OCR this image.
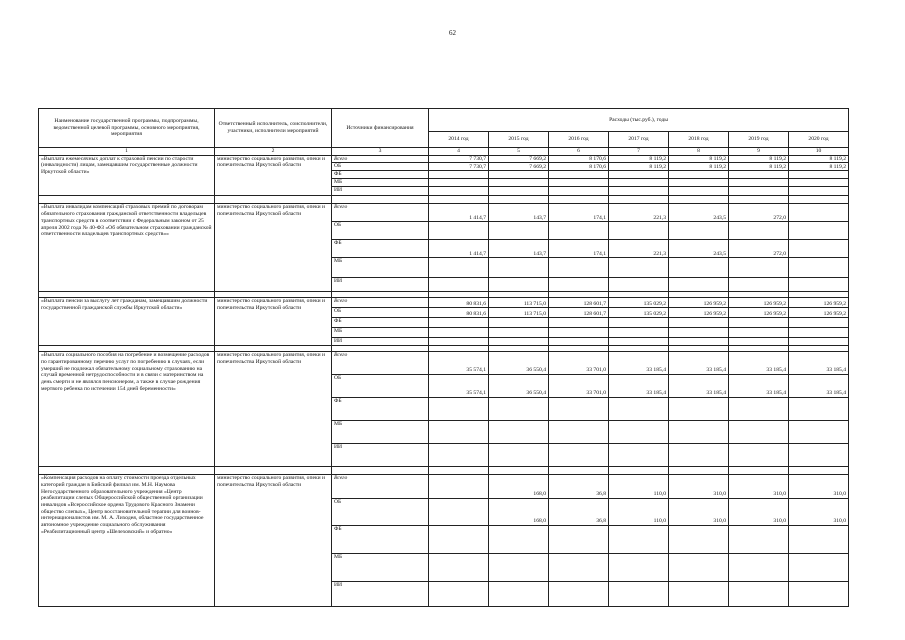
62
Наименование государственной программы, подпрограммы, ведомственной целевой программы, основного мероприятия, мероприятия	Ответственный исполнитель, соисполнители, участники, исполнители мероприятий	Источники финансирования	Расходы (тыс.руб.), годы						
			2014 год	2015 год	2016 год	2017 год	2018 год	2019 год	2020 год
1	2	3	4	5	6	7	8	9	10
«Выплата ежемесячных доплат к страховой пенсии по старости (инвалидности) лицам, замещавшим государственные должности Иркутской области»	министерство социального развития, опеки и попечительства Иркутской области	Всего	7 730,7	7 669,2	8 170,6	8 119,2	8 119,2	8 119,2	8 119,2
		ОБ	7 730,7	7 669,2	8 170,6	8 119,2	8 119,2	8 119,2	8 119,2
		ФБ							
		МБ							
		ИИ							

«Выплата инвалидам компенсаций страховых премий по договорам обязательного страхования гражданской ответственности владельцев транспортных средств в соответствии с Федеральным законом от 25 апреля 2002 года № 40-ФЗ «Об обязательном страховании гражданской ответственности владельцев транспортных средств»»	министерство социального развития, опеки и попечительства Иркутской области	Всего	1 414,7	143,7	174,1	221,3	243,5	272,0	
		ОБ							
		ФБ	1 414,7	143,7	174,1	221,3	243,5	272,0	
		МБ							
		ИИ							

«Выплата пенсии за выслугу лет гражданам, замещавшим должности государственной гражданской службы Иркутской области»	министерство социального развития, опеки и попечительства Иркутской области	Всего	80 831,6	113 715,0	128 601,7	135 029,2	126 959,2	126 959,2	126 959,2
		ОБ	80 831,6	113 715,0	128 601,7	135 029,2	126 959,2	126 959,2	126 959,2
		ФБ							
		МБ							
		ИИ							

«Выплата социального пособия на погребение и возмещение расходов по гарантированному перечню услуг по погребению в случаях, если умерший не подлежал обязательному социальному страхованию на случай временной нетрудоспособности и в связи с материнством на день смерти и не являлся пенсионером, а также в случае рождения мертвого ребенка по истечении 154 дней беременности»	министерство социального развития, опеки и попечительства Иркутской области	Всего	35 574,1	36 550,4	33 701,0	33 185,4	33 185,4	33 185,4	33 185,4
		ОБ	35 574,1	36 550,4	33 701,0	33 185,4	33 185,4	33 185,4	33 185,4
		ФБ							
		МБ							
		ИИ							

«Компенсация расходов на оплату стоимости проезда отдельных категорий граждан в Бийский филиал им. М.Н. Наумова Негосударственного образовательного учреждения «Центр реабилитации слепых Общероссийской общественной организации инвалидов «Всероссийское ордена Трудового Красного Знамени общество слепых», Центр восстановительной терапии для воинов-интернационалистов им. М. А. Лиходея, областное государственное автономное учреждение социального обслуживания «Реабилитационный центр «Шелеховский» и обратно»	министерство социального развития, опеки и попечительства Иркутской области	Всего		168,0	36,8	110,0	310,0	310,0	310,0
		ОБ		168,0	36,8	110,0	310,0	310,0	310,0
		ФБ							
		МБ							
		ИИ							
